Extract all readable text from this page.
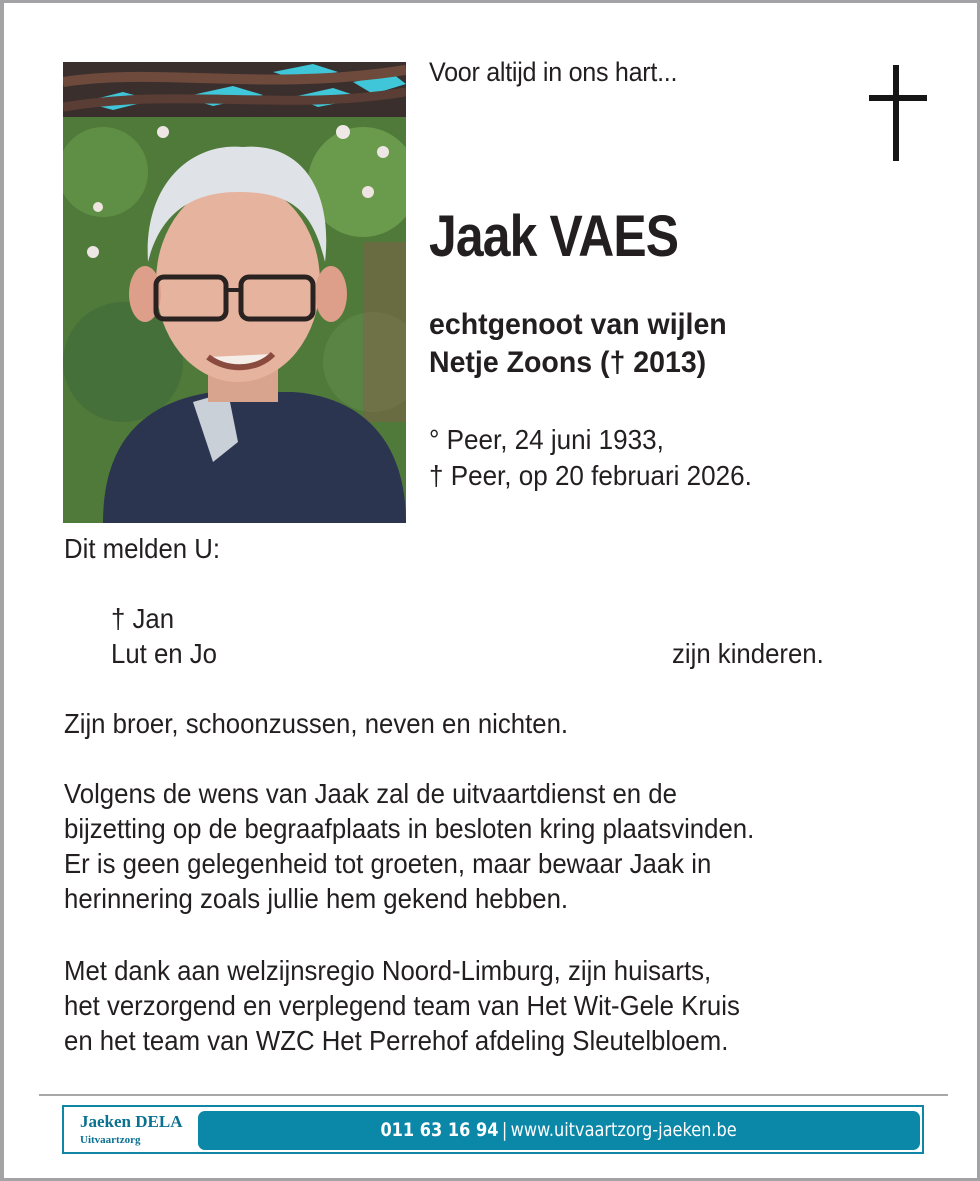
Voor altijd in ons hart...
Jaak VAES
echtgenoot van wijlen
Netje Zoons († 2013)
° Peer, 24 juni 1933,
† Peer, op 20 februari 2026.
Dit melden U:
† Jan
Lut en Jo	zijn kinderen.
Zijn broer, schoonzussen, neven en nichten.
Volgens de wens van Jaak zal de uitvaartdienst en de
bijzetting op de begraafplaats in besloten kring plaatsvinden.
Er is geen gelegenheid tot groeten, maar bewaar Jaak in
herinnering zoals jullie hem gekend hebben.
Met dank aan welzijnsregio Noord-Limburg, zijn huisarts,
het verzorgend en verplegend team van Het Wit-Gele Kruis
en het team van WZC Het Perrehof afdeling Sleutelbloem.
Jaeken DELA
Uitvaartzorg	011 63 16 94 | www.uitvaartzorg-jaeken.be
